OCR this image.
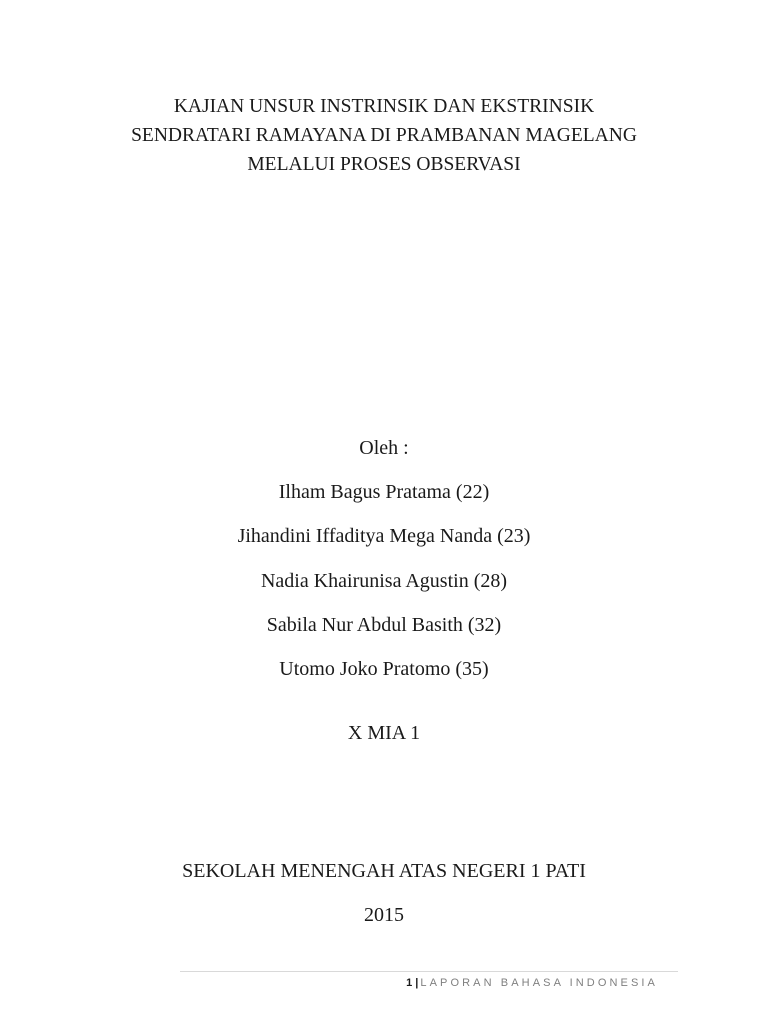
KAJIAN UNSUR INSTRINSIK DAN EKSTRINSIK
SENDRATARI RAMAYANA DI PRAMBANAN MAGELANG
MELALUI PROSES OBSERVASI
Oleh :
Ilham Bagus Pratama (22)
Jihandini Iffaditya Mega Nanda (23)
Nadia Khairunisa Agustin (28)
Sabila Nur Abdul Basith (32)
Utomo Joko Pratomo (35)
X MIA 1
SEKOLAH MENENGAH ATAS NEGERI 1 PATI
2015
1 | LAPORAN BAHASA INDONESIA
